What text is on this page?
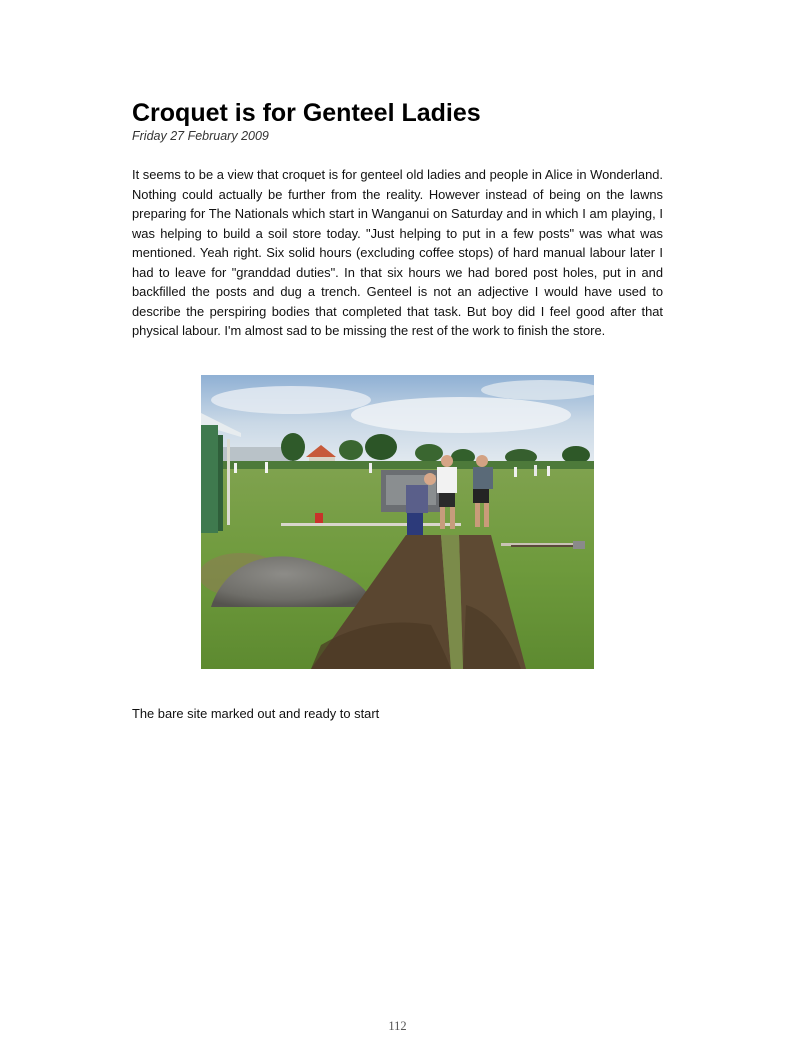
Croquet is for Genteel Ladies
Friday 27 February 2009

It seems to be a view that croquet is for genteel old ladies and people in Alice in Wonderland. Nothing could actually be further from the reality. However instead of being on the lawns preparing for The Nationals which start in Wanganui on Saturday and in which I am playing, I was helping to build a soil store today. "Just helping to put in a few posts" was what was mentioned. Yeah right. Six solid hours (excluding coffee stops) of hard manual labour later I had to leave for "granddad duties". In that six hours we had bored post holes, put in and backfilled the posts and dug a trench. Genteel is not an adjective I would have used to describe the perspiring bodies that completed that task. But boy did I feel good after that physical labour. I'm almost sad to be missing the rest of the work to finish the store.

The bare site marked out and ready to start
112
